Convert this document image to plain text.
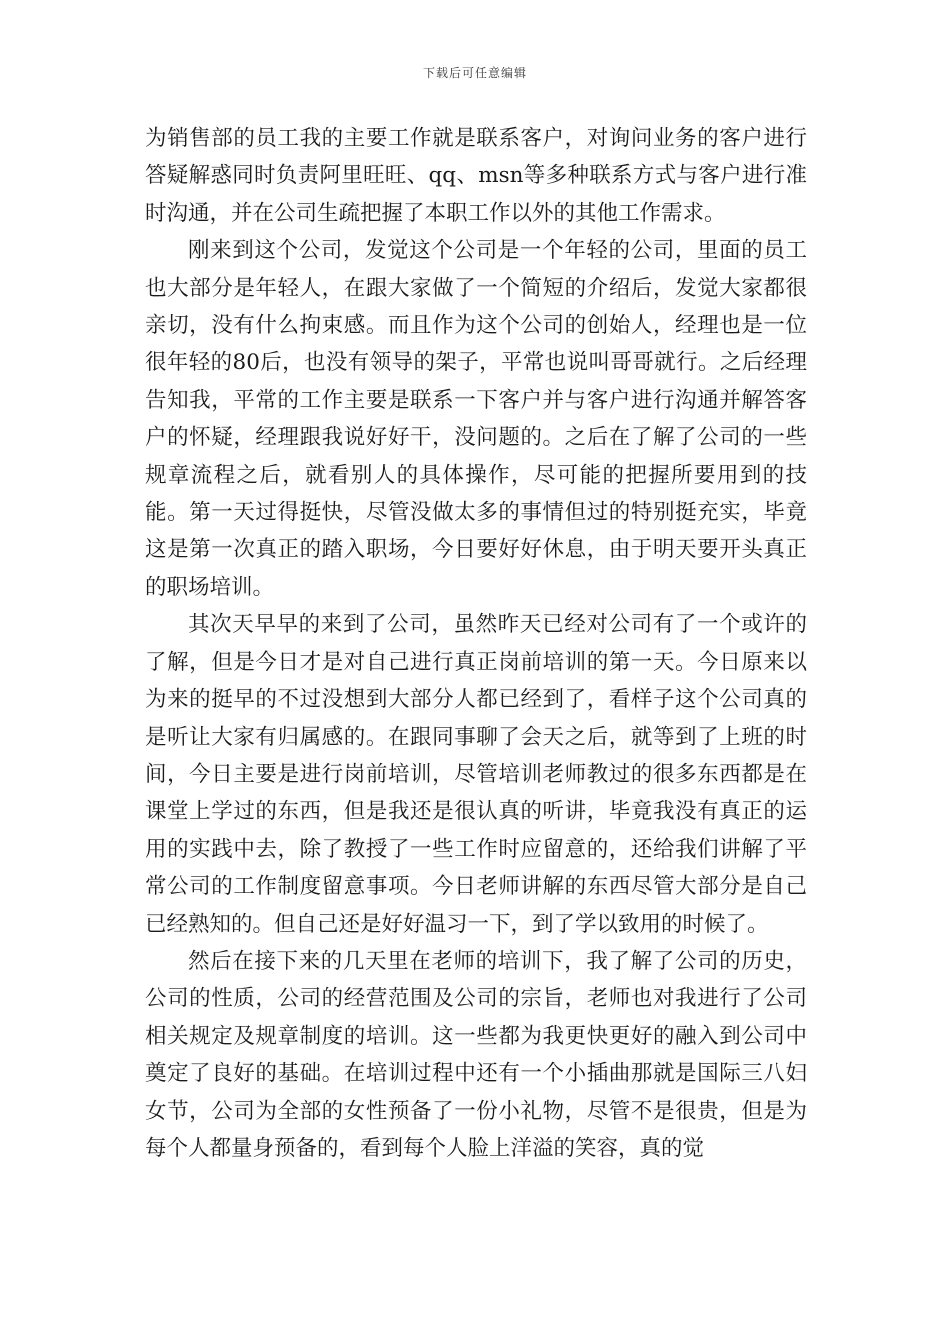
下载后可任意编辑

为销售部的员工我的主要工作就是联系客户，对询问业务的客户进行答疑解惑同时负责阿里旺旺、qq、msn等多种联系方式与客户进行准时沟通，并在公司生疏把握了本职工作以外的其他工作需求。

刚来到这个公司，发觉这个公司是一个年轻的公司，里面的员工也大部分是年轻人，在跟大家做了一个简短的介绍后，发觉大家都很亲切，没有什么拘束感。而且作为这个公司的创始人，经理也是一位很年轻的80后，也没有领导的架子，平常也说叫哥哥就行。之后经理告知我，平常的工作主要是联系一下客户并与客户进行沟通并解答客户的怀疑，经理跟我说好好干，没问题的。之后在了解了公司的一些规章流程之后，就看别人的具体操作，尽可能的把握所要用到的技能。第一天过得挺快，尽管没做太多的事情但过的特别挺充实，毕竟这是第一次真正的踏入职场，今日要好好休息，由于明天要开头真正的职场培训。

其次天早早的来到了公司，虽然昨天已经对公司有了一个或许的了解，但是今日才是对自己进行真正岗前培训的第一天。今日原来以为来的挺早的不过没想到大部分人都已经到了，看样子这个公司真的是听让大家有归属感的。在跟同事聊了会天之后，就等到了上班的时间，今日主要是进行岗前培训，尽管培训老师教过的很多东西都是在课堂上学过的东西，但是我还是很认真的听讲，毕竟我没有真正的运用的实践中去，除了教授了一些工作时应留意的，还给我们讲解了平常公司的工作制度留意事项。今日老师讲解的东西尽管大部分是自己已经熟知的。但自己还是好好温习一下，到了学以致用的时候了。

然后在接下来的几天里在老师的培训下，我了解了公司的历史，公司的性质，公司的经营范围及公司的宗旨，老师也对我进行了公司相关规定及规章制度的培训。这一些都为我更快更好的融入到公司中奠定了良好的基础。在培训过程中还有一个小插曲那就是国际三八妇女节，公司为全部的女性预备了一份小礼物，尽管不是很贵，但是为每个人都量身预备的，看到每个人脸上洋溢的笑容，真的觉
